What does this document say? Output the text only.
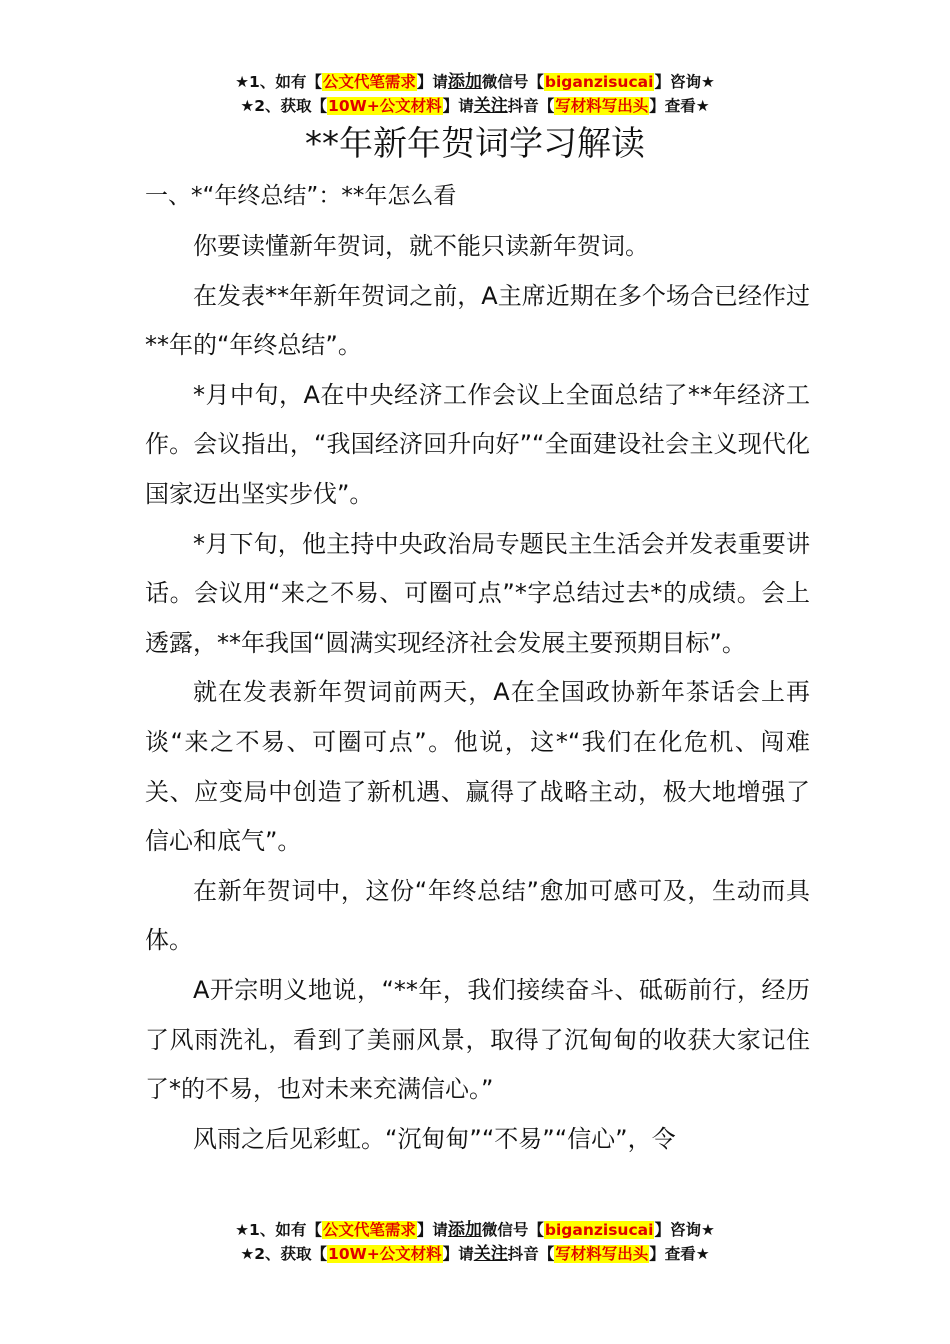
★1、如有【公文代笔需求】请添加微信号【biganzisucai】咨询★
★2、获取【10W+公文材料】请关注抖音【写材料写出头】查看★
**年新年贺词学习解读
一、*“年终总结”：**年怎么看

你要读懂新年贺词，就不能只读新年贺词。

在发表**年新年贺词之前，A主席近期在多个场合已经作过**年的“年终总结”。

*月中旬，A在中央经济工作会议上全面总结了**年经济工作。会议指出，“我国经济回升向好”“全面建设社会主义现代化国家迈出坚实步伐”。

*月下旬，他主持中央政治局专题民主生活会并发表重要讲话。会议用“来之不易、可圈可点”*字总结过去*的成绩。会上透露，**年我国“圆满实现经济社会发展主要预期目标”。

就在发表新年贺词前两天，A在全国政协新年茶话会上再谈“来之不易、可圈可点”。他说，这*“我们在化危机、闯难关、应变局中创造了新机遇、赢得了战略主动，极大地增强了信心和底气”。

在新年贺词中，这份“年终总结”愈加可感可及，生动而具体。

A开宗明义地说，“**年，我们接续奋斗、砥砺前行，经历了风雨洗礼，看到了美丽风景，取得了沉甸甸的收获大家记住了*的不易，也对未来充满信心。”

风雨之后见彩虹。“沉甸甸”“不易”“信心”，令

★1、如有【公文代笔需求】请添加微信号【biganzisucai】咨询★
★2、获取【10W+公文材料】请关注抖音【写材料写出头】查看★
